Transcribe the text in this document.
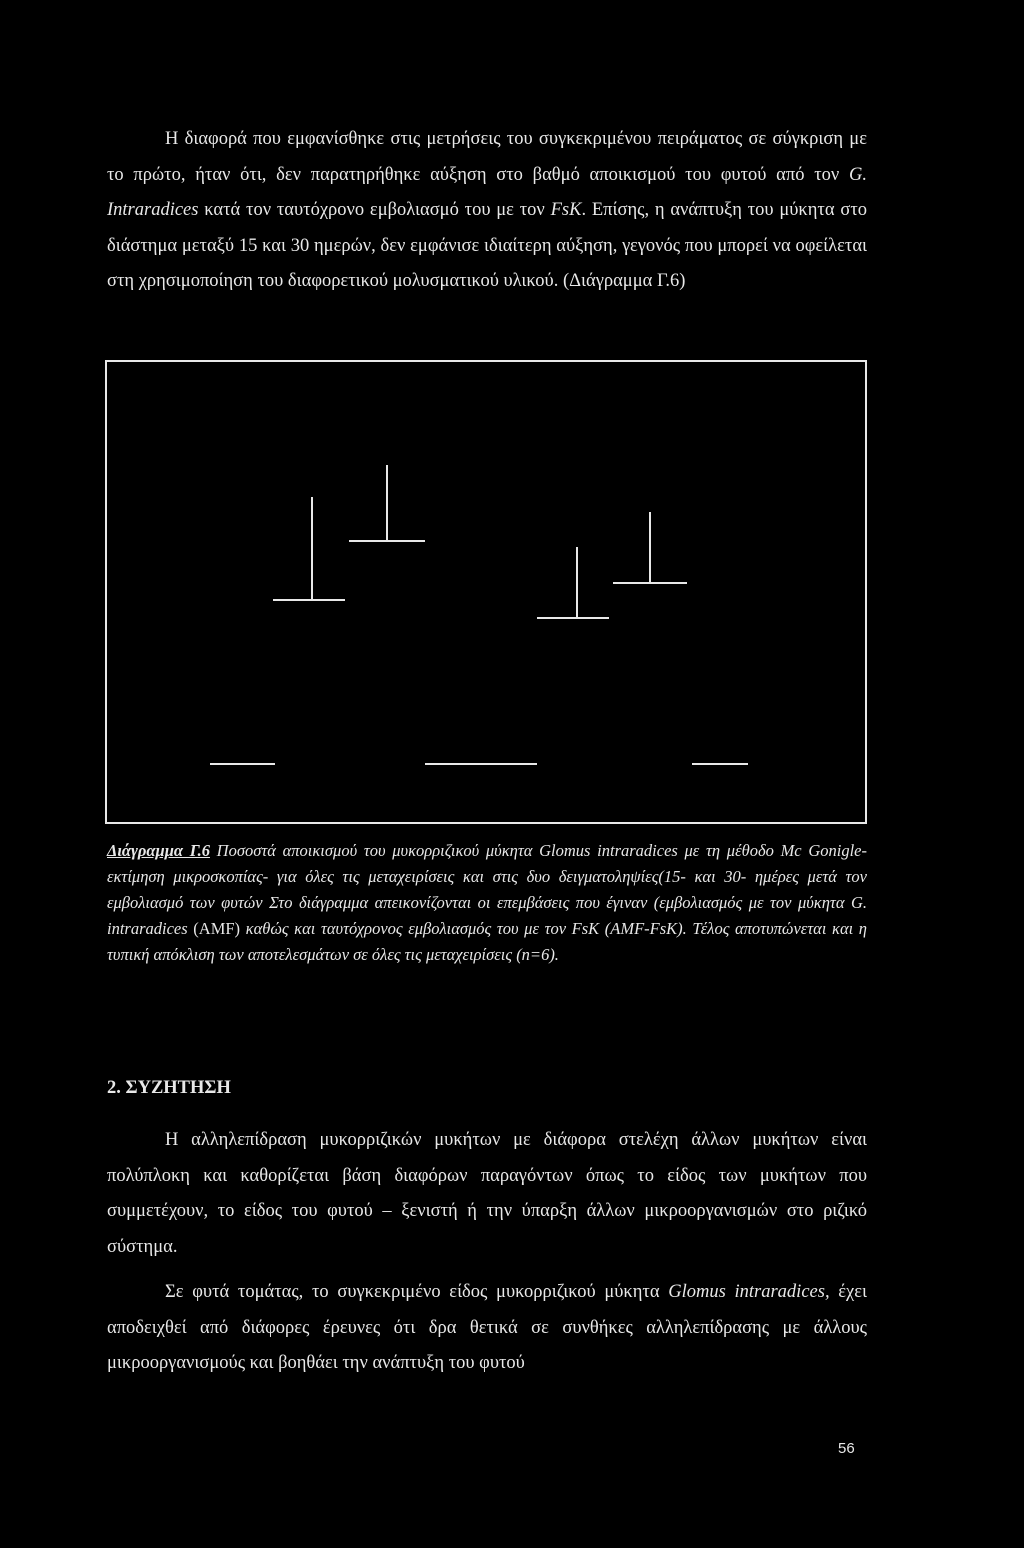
Η διαφορά που εμφανίσθηκε στις μετρήσεις του συγκεκριμένου πειράματος σε σύγκριση με το πρώτο, ήταν ότι, δεν παρατηρήθηκε αύξηση στο βαθμό αποικισμού του φυτού από τον G. Intraradices κατά τον ταυτόχρονο εμβολιασμό του με τον FsK. Επίσης, η ανάπτυξη του μύκητα στο διάστημα μεταξύ 15 και 30 ημερών, δεν εμφάνισε ιδιαίτερη αύξηση, γεγονός που μπορεί να οφείλεται στη χρησιμοποίηση του διαφορετικού μολυσματικού υλικού. (Διάγραμμα Γ.6)

Διάγραμμα Γ.6 Ποσοστά αποικισμού του μυκορριζικού μύκητα Glomus intraradices με τη μέθοδο Mc Gonigle- εκτίμηση μικροσκοπίας- για όλες τις μεταχειρίσεις και στις δυο δειγματοληψίες(15- και 30- ημέρες μετά τον εμβολιασμό των φυτών Στο διάγραμμα απεικονίζονται οι επεμβάσεις που έγιναν (εμβολιασμός με τον μύκητα G. intraradices (AMF) καθώς και ταυτόχρονος εμβολιασμός του με τον FsK (AMF-FsK). Τέλος αποτυπώνεται και η τυπική απόκλιση των αποτελεσμάτων σε όλες τις μεταχειρίσεις (n=6).

2. ΣΥΖΗΤΗΣΗ

Η αλληλεπίδραση μυκορριζικών μυκήτων με διάφορα στελέχη άλλων μυκήτων είναι πολύπλοκη και καθορίζεται βάση διαφόρων παραγόντων όπως το είδος των μυκήτων που συμμετέχουν, το είδος του φυτού – ξενιστή ή την ύπαρξη άλλων μικροοργανισμών στο ριζικό σύστημα.

Σε φυτά τομάτας, το συγκεκριμένο είδος μυκορριζικού μύκητα Glomus intraradices, έχει αποδειχθεί από διάφορες έρευνες ότι δρα θετικά σε συνθήκες αλληλεπίδρασης με άλλους μικροοργανισμούς και βοηθάει την ανάπτυξη του φυτού

56
